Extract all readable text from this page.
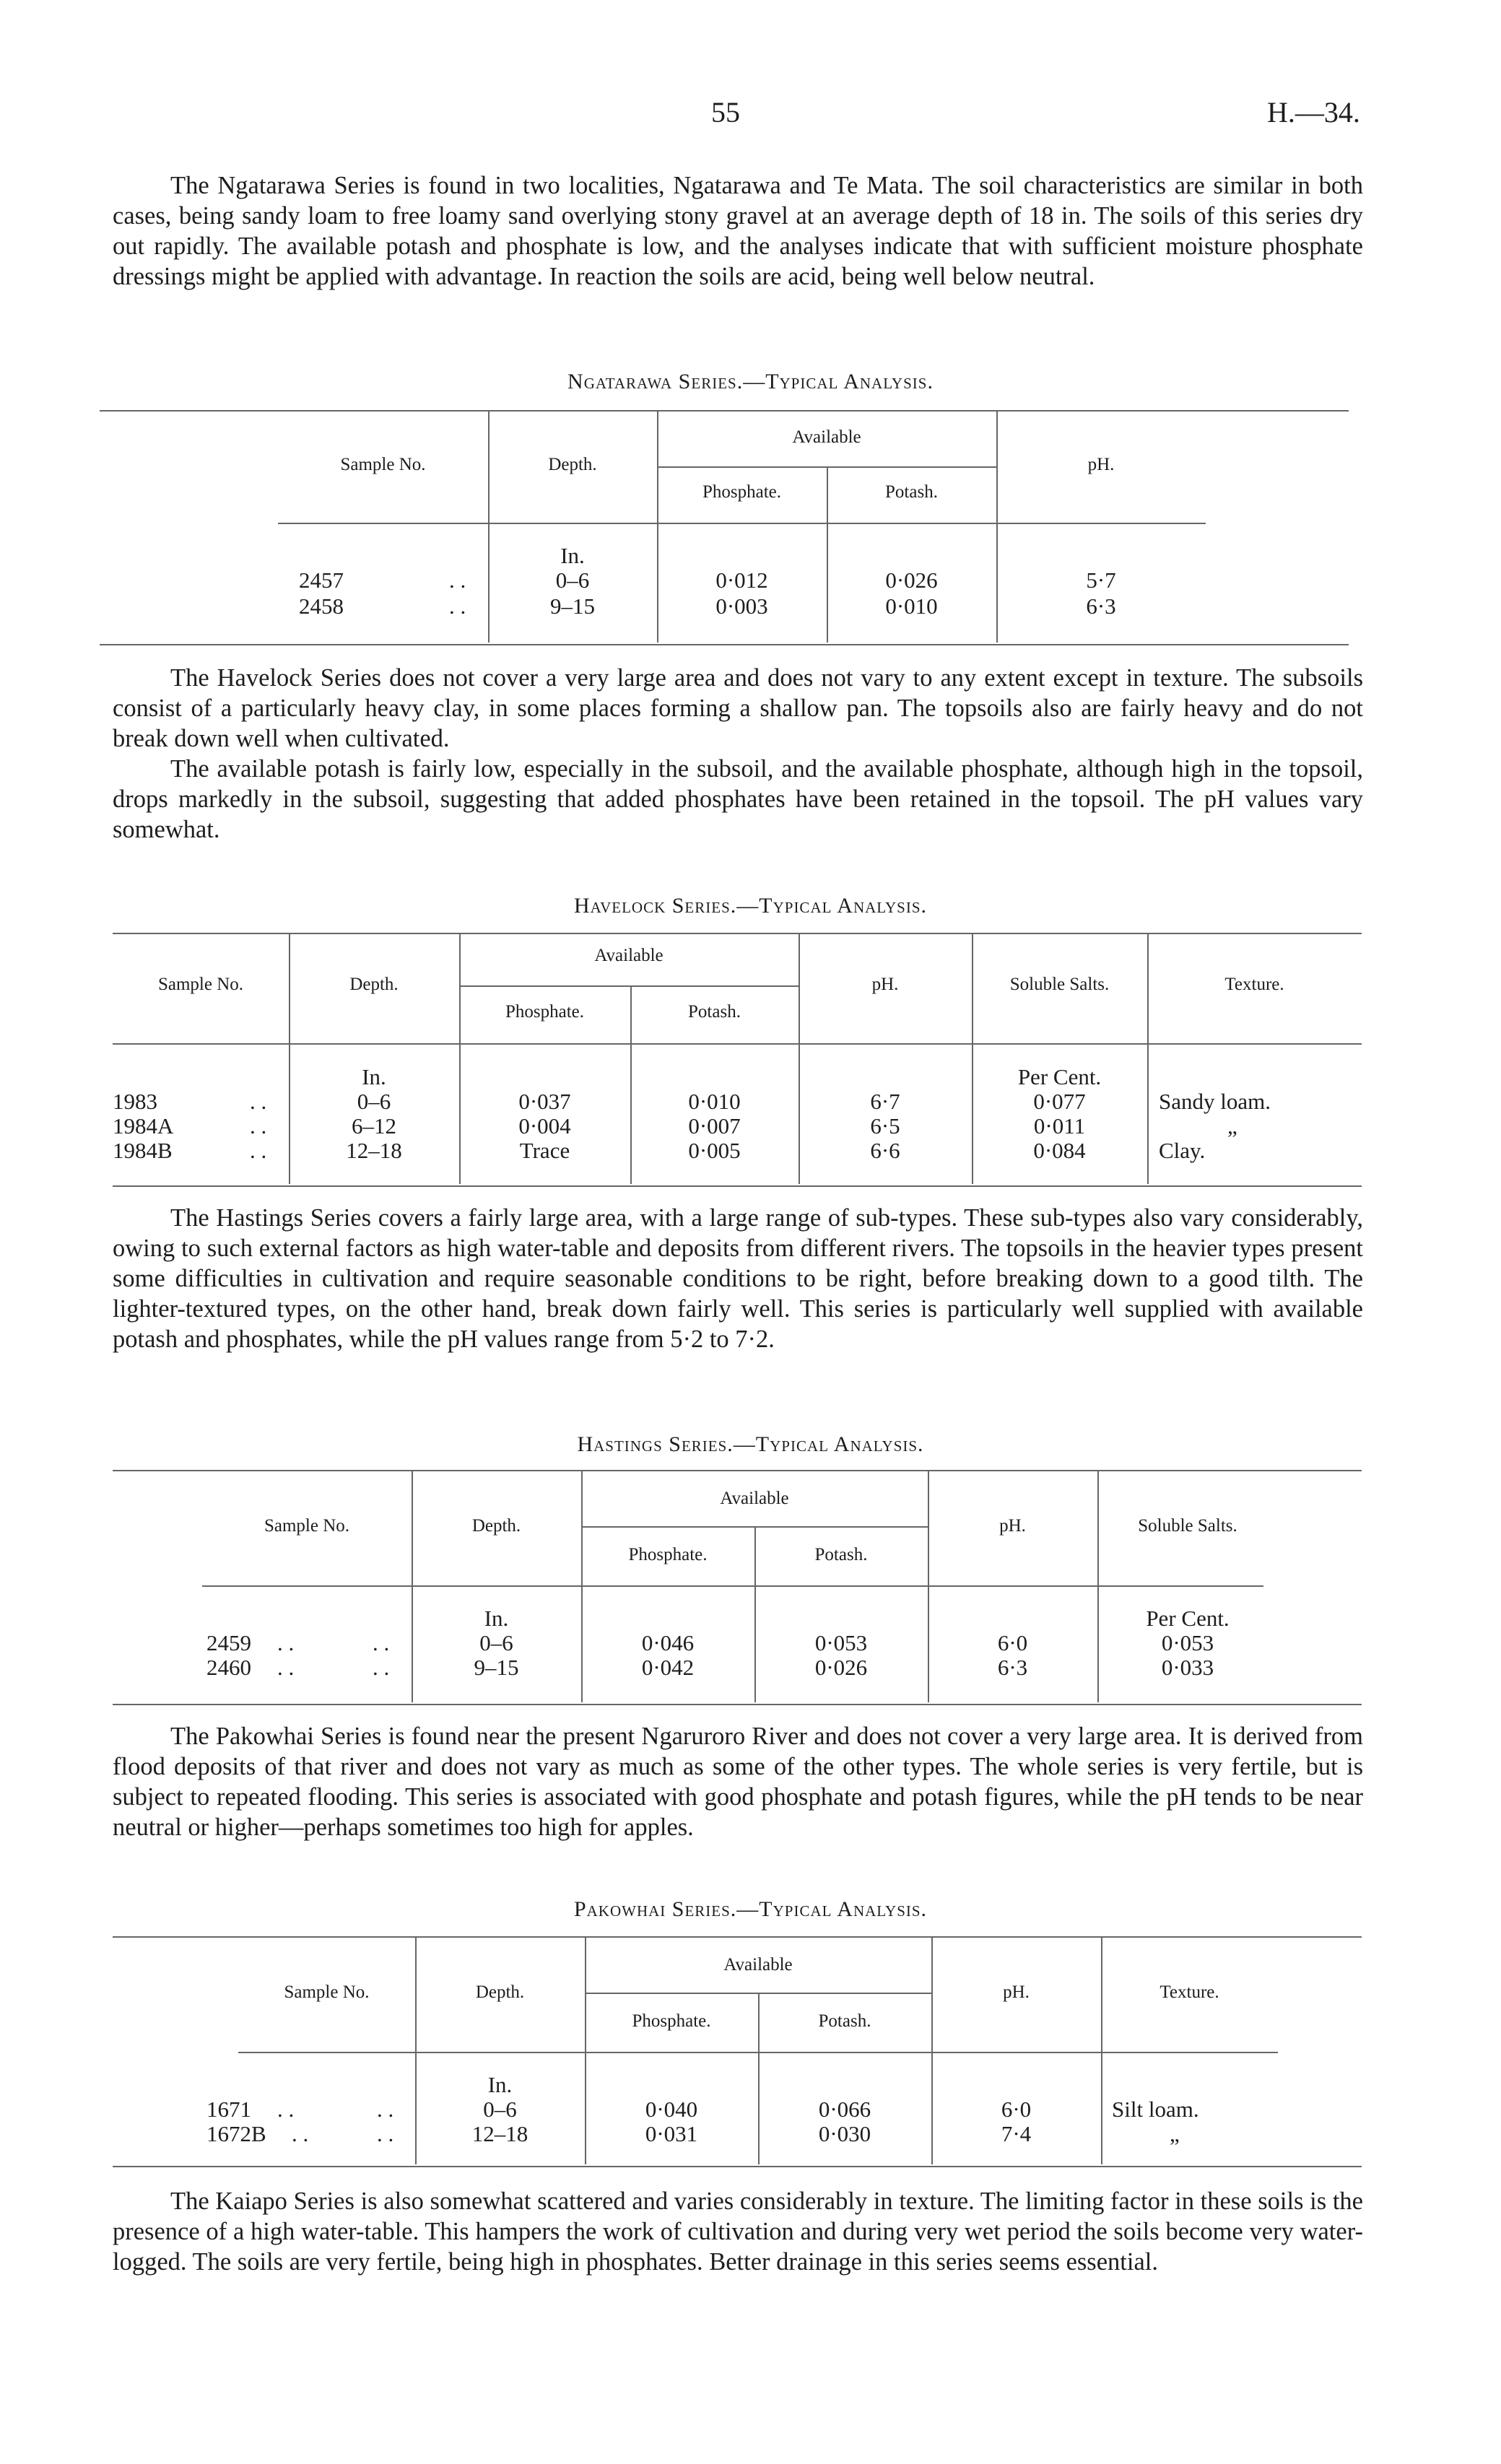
55	H.—34.

The Ngatarawa Series is found in two localities, Ngatarawa and Te Mata. The soil characteristics are similar in both cases, being sandy loam to free loamy sand overlying stony gravel at an average depth of 18 in. The soils of this series dry out rapidly. The available potash and phosphate is low, and the analyses indicate that with sufficient moisture phosphate dressings might be applied with advantage. In reaction the soils are acid, being well below neutral.

Ngatarawa Series.—Typical Analysis.
Sample No.	Depth.
Available
Phosphate.	Potash.
pH.
In.
2457	. .	0–6	0·012	0·026	5·7
2458	. .	9–15	0·003	0·010	6·3

The Havelock Series does not cover a very large area and does not vary to any extent except in texture. The subsoils consist of a particularly heavy clay, in some places forming a shallow pan. The topsoils also are fairly heavy and do not break down well when cultivated.

The available potash is fairly low, especially in the subsoil, and the available phosphate, although high in the topsoil, drops markedly in the subsoil, suggesting that added phosphates have been retained in the topsoil. The pH values vary somewhat.

Havelock Series.—Typical Analysis.
Sample No.	Depth.
Available
Phosphate.	Potash.
pH.	Soluble Salts.	Texture.
In.	Per Cent.
1983	. .	0–6	0·037	0·010	6·7	0·077	Sandy loam.
1984A	. .	6–12	0·004	0·007	6·5	0·011	„
1984B	. .	12–18	Trace	0·005	6·6	0·084	Clay.

The Hastings Series covers a fairly large area, with a large range of sub-types. These sub-types also vary considerably, owing to such external factors as high water-table and deposits from different rivers. The topsoils in the heavier types present some difficulties in cultivation and require seasonable conditions to be right, before breaking down to a good tilth. The lighter-textured types, on the other hand, break down fairly well. This series is particularly well supplied with available potash and phosphates, while the pH values range from 5·2 to 7·2.

Hastings Series.—Typical Analysis.
Sample No.	Depth.
Available
Phosphate.	Potash.
pH.	Soluble Salts.
In.	Per Cent.
2459 . .	. .	0–6	0·046	0·053	6·0	0·053
2460 . .	. .	9–15	0·042	0·026	6·3	0·033

The Pakowhai Series is found near the present Ngaruroro River and does not cover a very large area. It is derived from flood deposits of that river and does not vary as much as some of the other types. The whole series is very fertile, but is subject to repeated flooding. This series is associated with good phosphate and potash figures, while the pH tends to be near neutral or higher—perhaps sometimes too high for apples.

Pakowhai Series.—Typical Analysis.
Sample No.	Depth.
Available
Phosphate.	Potash.
pH.	Texture.
In.
1671 . .	. .	0–6	0·040	0·066	6·0	Silt loam.
1672B . .	. .	12–18	0·031	0·030	7·4	„

The Kaiapo Series is also somewhat scattered and varies considerably in texture. The limiting factor in these soils is the presence of a high water-table. This hampers the work of cultivation and during very wet period the soils become very water-logged. The soils are very fertile, being high in phosphates. Better drainage in this series seems essential.
